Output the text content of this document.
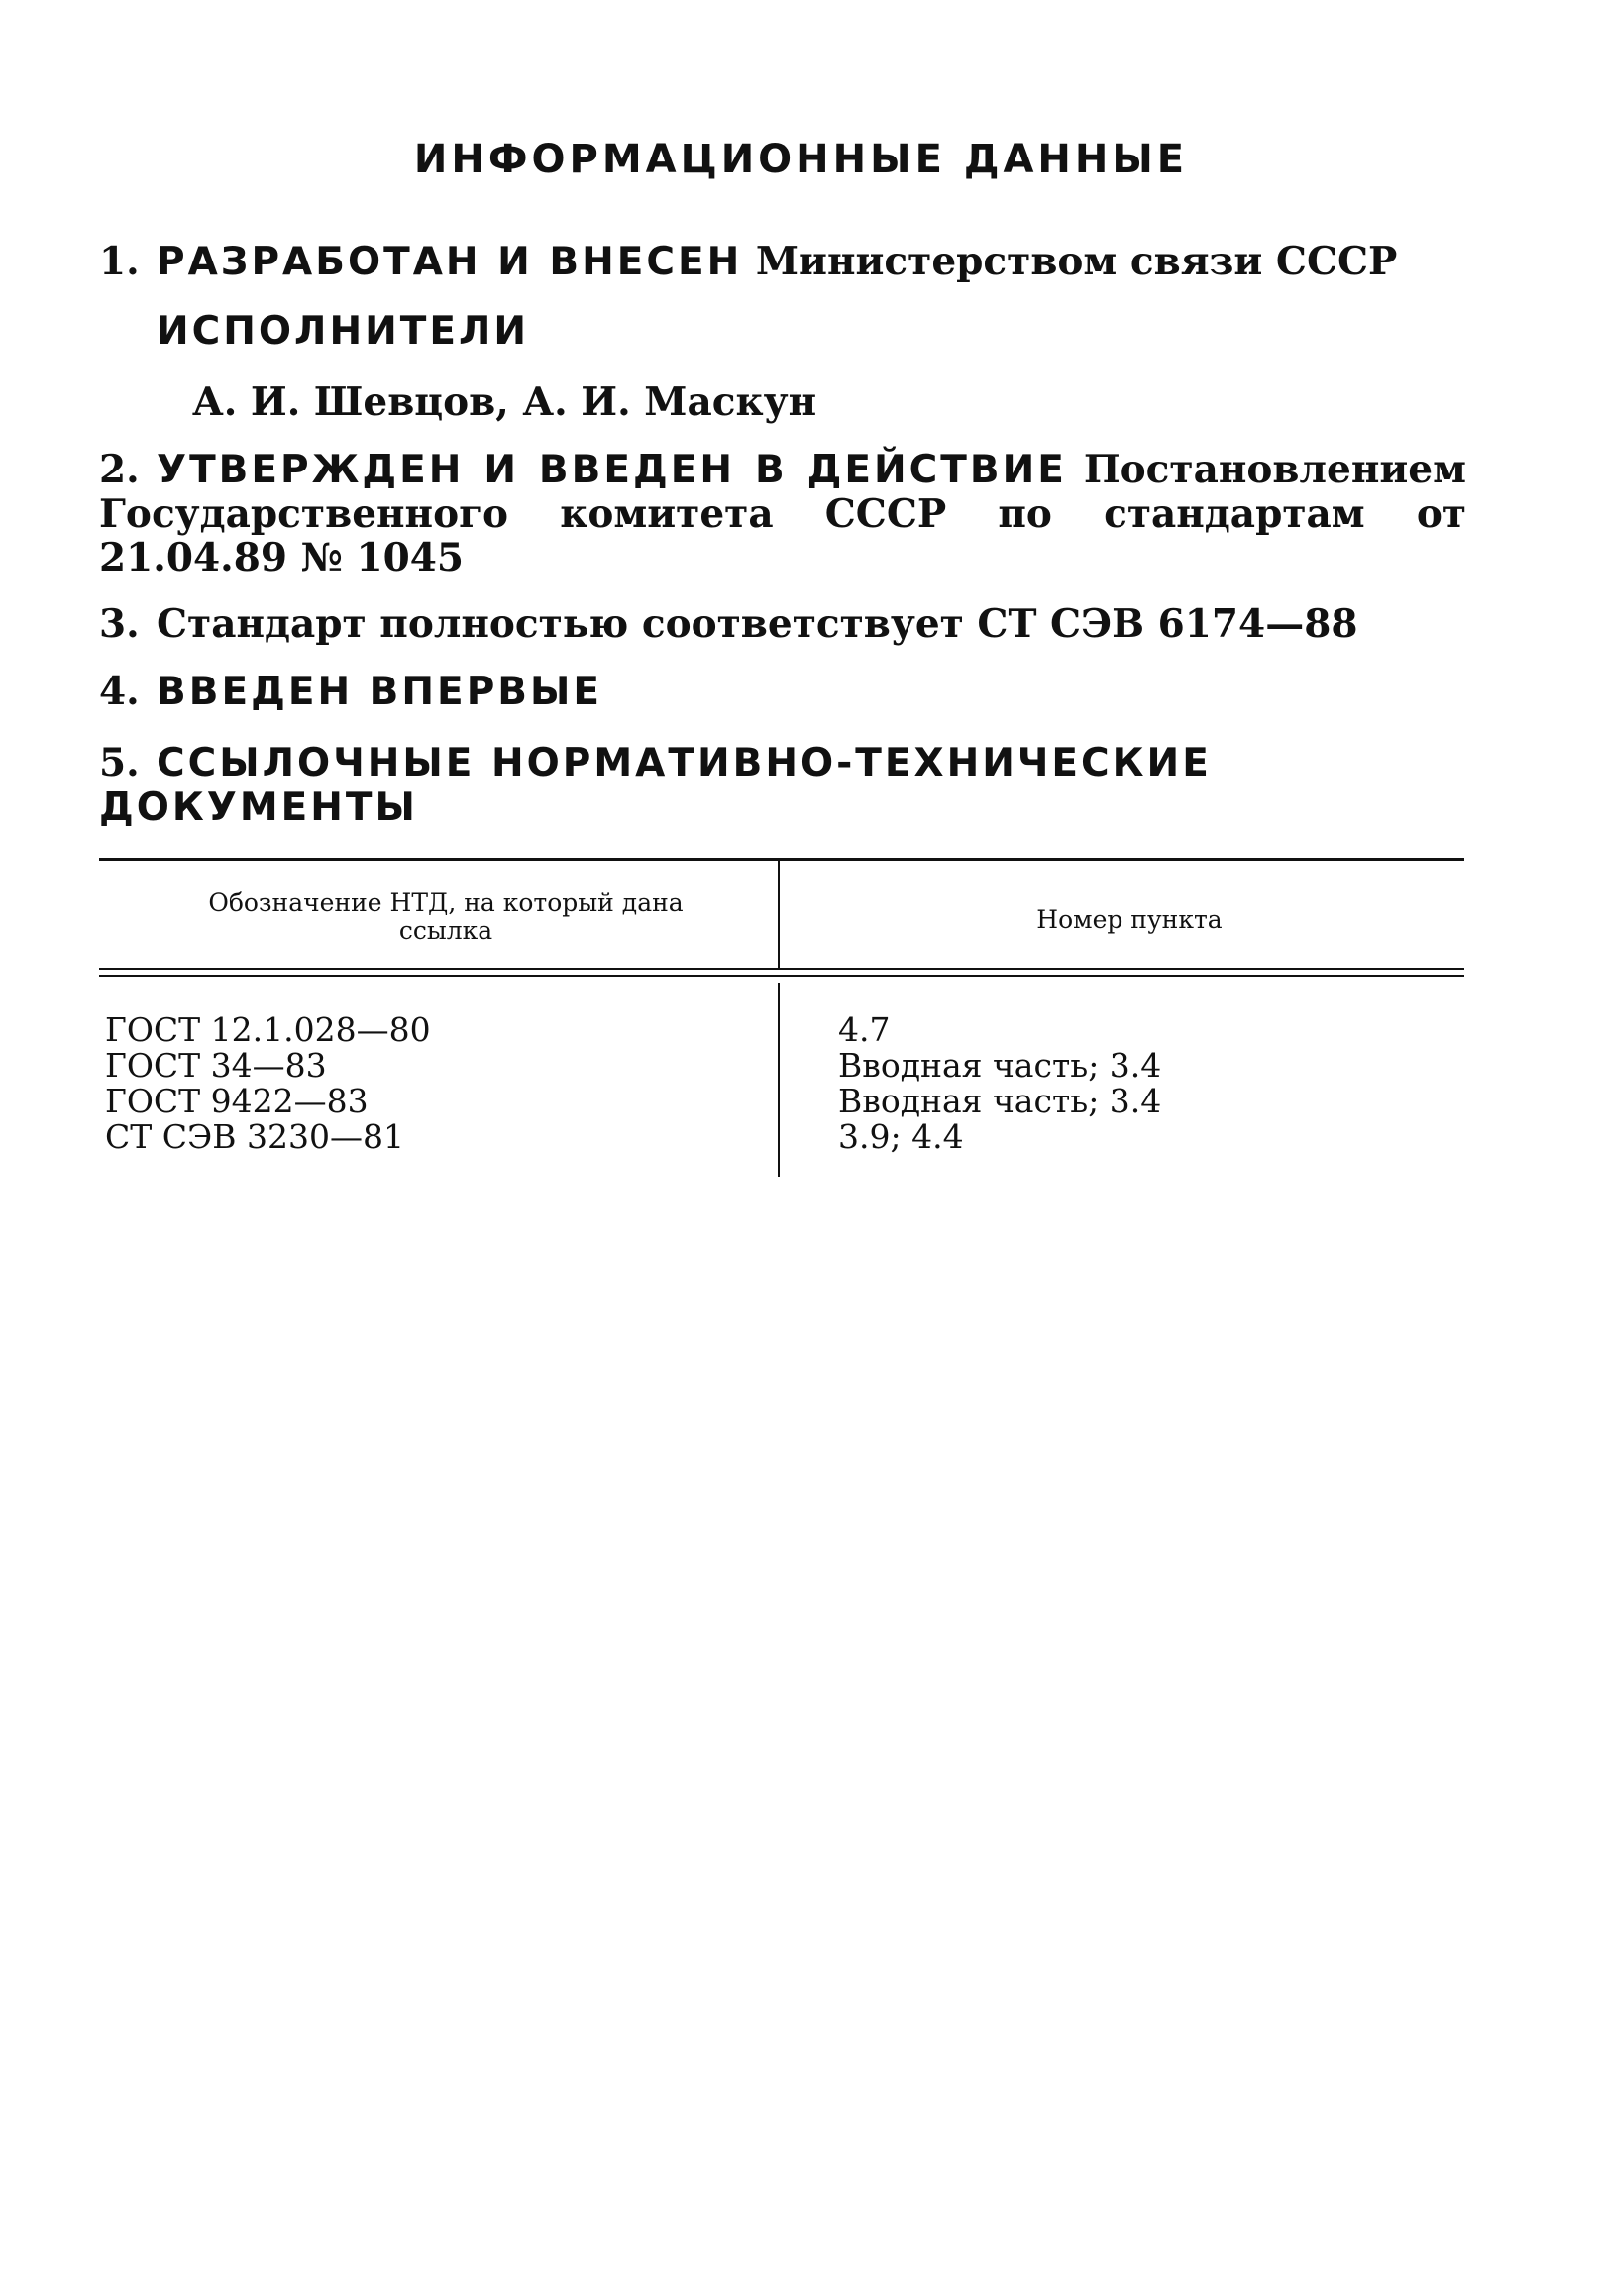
ИНФОРМАЦИОННЫЕ ДАННЫЕ
1. РАЗРАБОТАН И ВНЕСЕН Министерством связи СССР
ИСПОЛНИТЕЛИ
А. И. Шевцов, А. И. Маскун
2. УТВЕРЖДЕН И ВВЕДЕН В ДЕЙСТВИЕ Постановлением Государственного комитета СССР по стандартам от 21.04.89 № 1045
3. Стандарт полностью соответствует СТ СЭВ 6174—88
4. ВВЕДЕН ВПЕРВЫЕ
5. ССЫЛОЧНЫЕ НОРМАТИВНО-ТЕХНИЧЕСКИЕ ДОКУМЕНТЫ
Обозначение НТД, на который дана ссылка	Номер пункта
ГОСТ 12.1.028—80	4.7
ГОСТ 34—83	Вводная часть; 3.4
ГОСТ 9422—83	Вводная часть; 3.4
СТ СЭВ 3230—81	3.9; 4.4
